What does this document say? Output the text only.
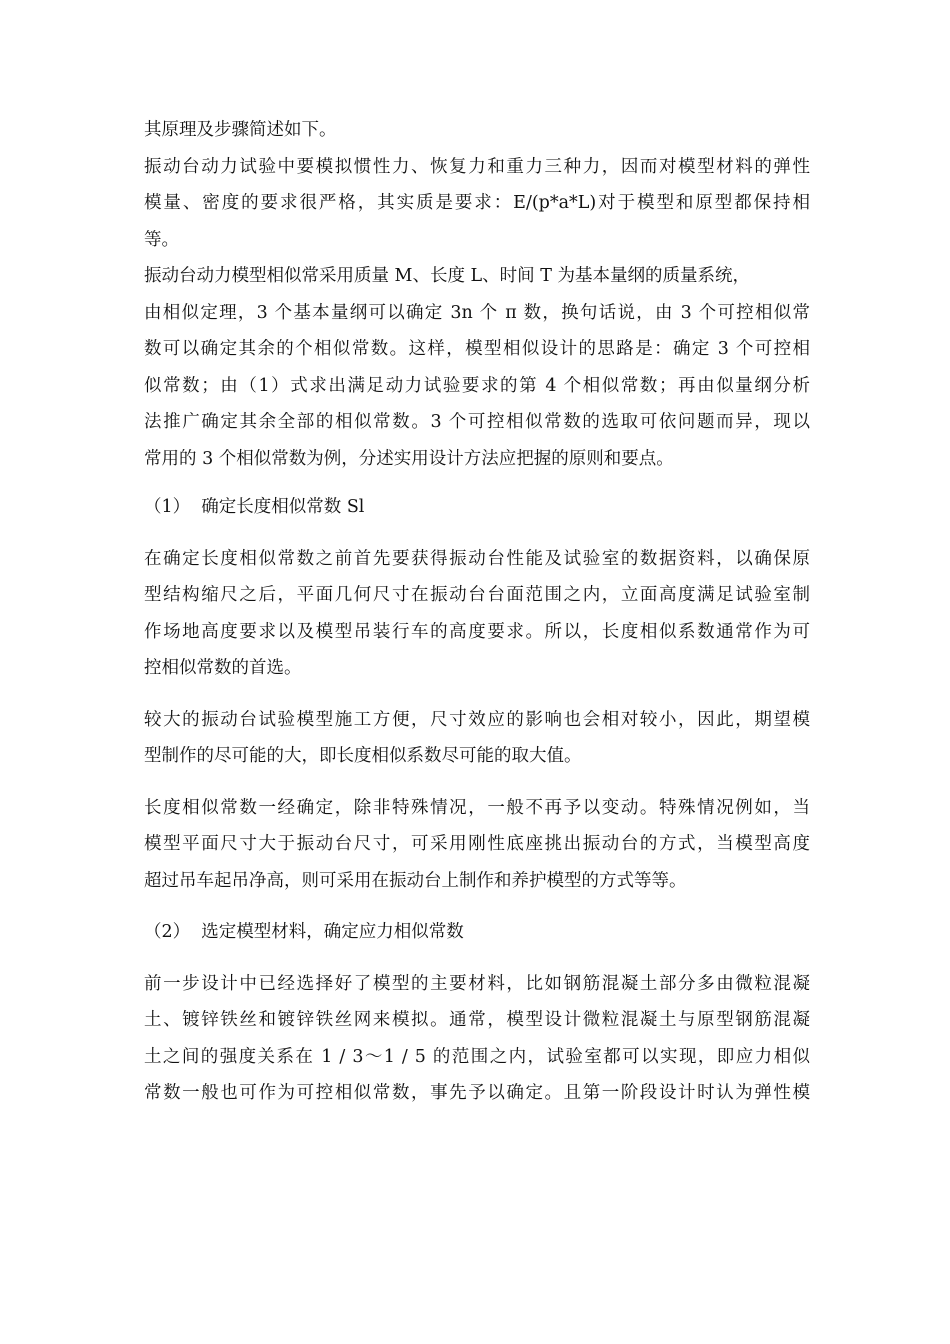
其原理及步骤简述如下。
振动台动力试验中要模拟惯性力、恢复力和重力三种力，因而对模型材料的弹性
模量、密度的要求很严格，其实质是要求：E/(p*a*L)对于模型和原型都保持相
等。
振动台动力模型相似常采用质量 M、长度 L、时间 T 为基本量纲的质量系统，
由相似定理，3 个基本量纲可以确定 3n 个 π 数，换句话说，由 3 个可控相似常
数可以确定其余的个相似常数。这样，模型相似设计的思路是：确定 3 个可控相
似常数；由（1）式求出满足动力试验要求的第 4 个相似常数；再由似量纲分析
法推广确定其余全部的相似常数。3 个可控相似常数的选取可依问题而异，现以
常用的 3 个相似常数为例，分述实用设计方法应把握的原则和要点。
（1）  确定长度相似常数 Sl
在确定长度相似常数之前首先要获得振动台性能及试验室的数据资料，以确保原
型结构缩尺之后，平面几何尺寸在振动台台面范围之内，立面高度满足试验室制
作场地高度要求以及模型吊装行车的高度要求。所以，长度相似系数通常作为可
控相似常数的首选。
较大的振动台试验模型施工方便，尺寸效应的影响也会相对较小，因此，期望模
型制作的尽可能的大，即长度相似系数尽可能的取大值。
长度相似常数一经确定，除非特殊情况，一般不再予以变动。特殊情况例如，当
模型平面尺寸大于振动台尺寸，可采用刚性底座挑出振动台的方式，当模型高度
超过吊车起吊净高，则可采用在振动台上制作和养护模型的方式等等。
（2）  选定模型材料，确定应力相似常数
前一步设计中已经选择好了模型的主要材料，比如钢筋混凝土部分多由微粒混凝
土、镀锌铁丝和镀锌铁丝网来模拟。通常，模型设计微粒混凝土与原型钢筋混凝
土之间的强度关系在 1 / 3～1 / 5 的范围之内，试验室都可以实现，即应力相似
常数一般也可作为可控相似常数，事先予以确定。且第一阶段设计时认为弹性模
